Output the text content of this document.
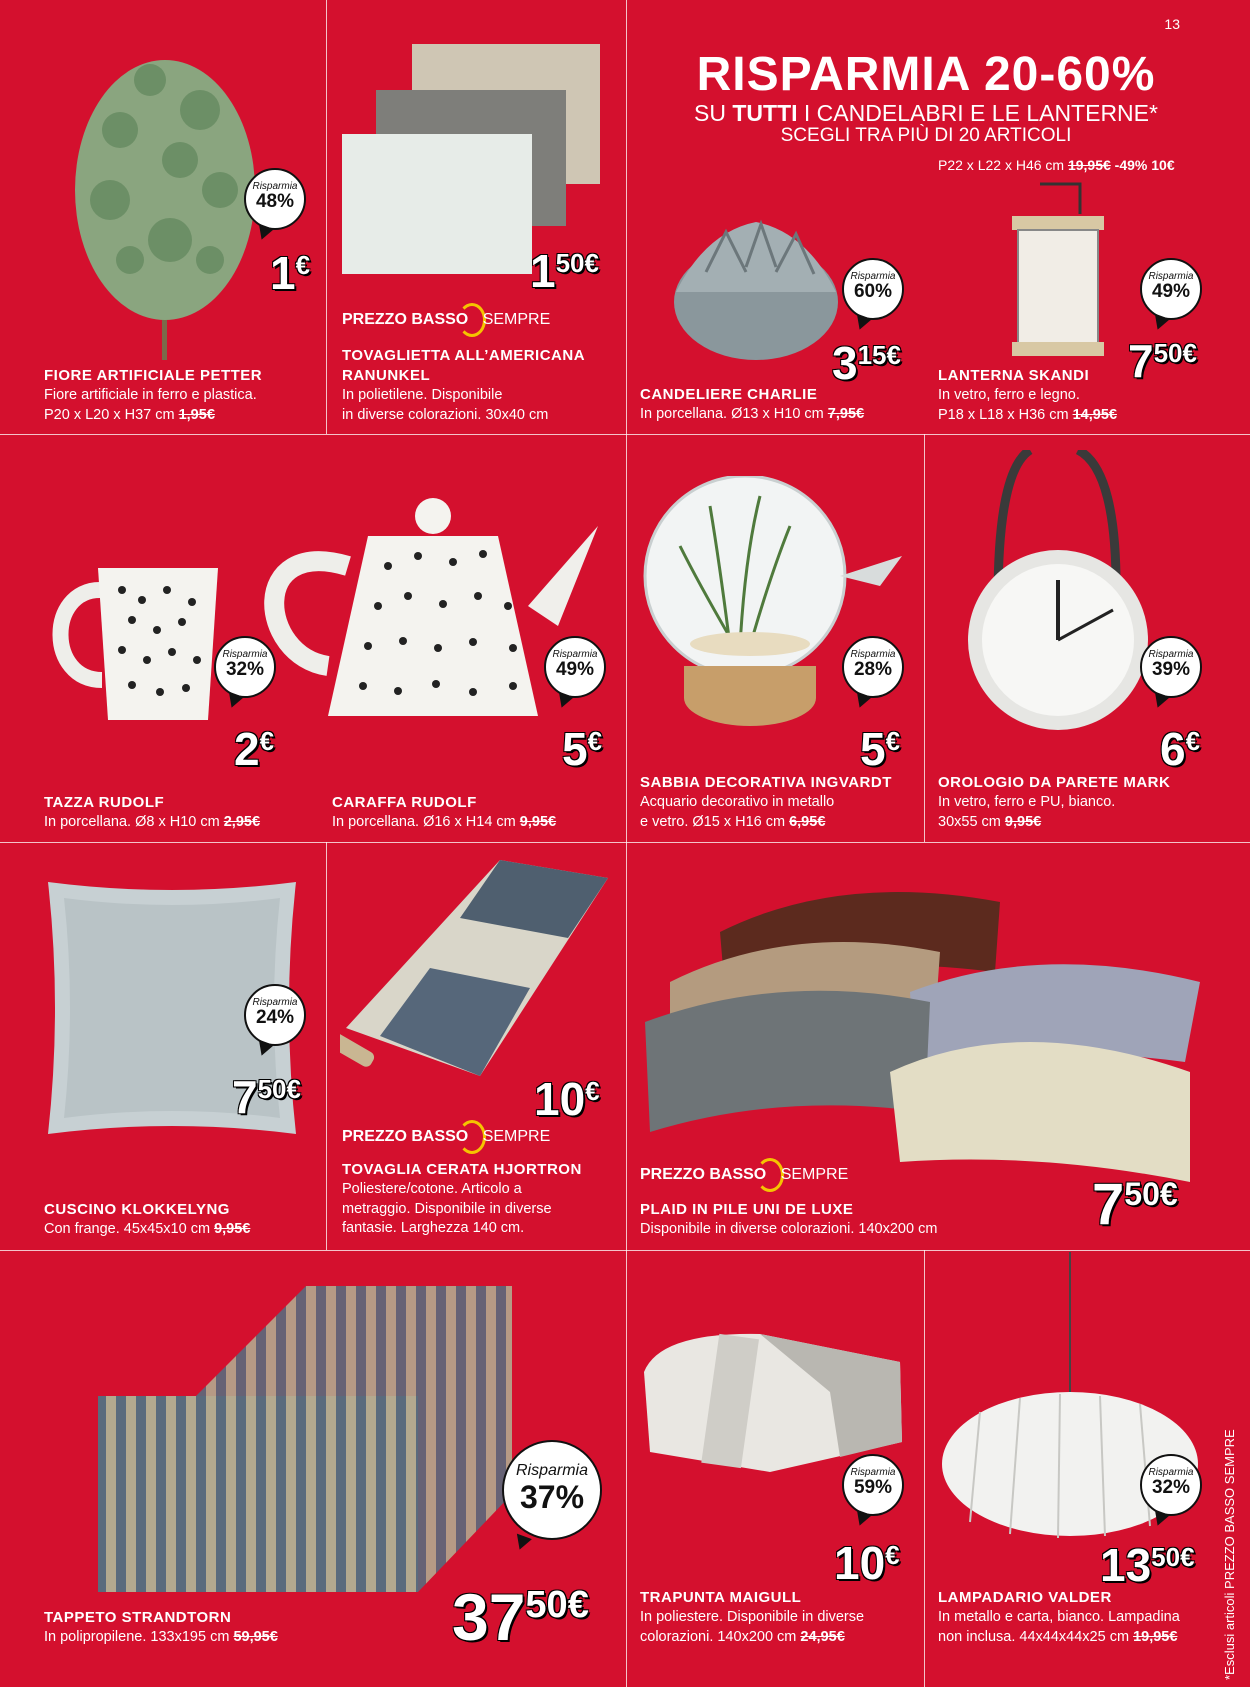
13
RISPARMIA 20-60%
SU TUTTI I CANDELABRI E LE LANTERNE*
SCEGLI TRA PIÙ DI 20 ARTICOLI
P22 x L22 x H46 cm 19,95€ -49% 10€
Risparmia
48%
1€
FIORE ARTIFICIALE PETTER
Fiore artificiale in ferro e plastica.
P20 x L20 x H37 cm 1,95€
150€
PREZZO BASSO SEMPRE
TOVAGLIETTA ALL’AMERICANA
RANUNKEL
In polietilene. Disponibile
in diverse colorazioni. 30x40 cm
Risparmia
60%
315€
CANDELIERE CHARLIE
In porcellana. Ø13 x H10 cm 7,95€
Risparmia
49%
750€
LANTERNA SKANDI
In vetro, ferro e legno.
P18 x L18 x H36 cm 14,95€
Risparmia
32%
2€
TAZZA RUDOLF
In porcellana. Ø8 x H10 cm 2,95€
Risparmia
49%
5€
CARAFFA RUDOLF
In porcellana. Ø16 x H14 cm 9,95€
Risparmia
28%
5€
SABBIA DECORATIVA INGVARDT
Acquario decorativo in metallo
e vetro. Ø15 x H16 cm 6,95€
Risparmia
39%
6€
OROLOGIO DA PARETE MARK
In vetro, ferro e PU, bianco.
30x55 cm 9,95€
Risparmia
24%
750€
CUSCINO KLOKKELYNG
Con frange. 45x45x10 cm 9,95€
10€
PREZZO BASSO SEMPRE
TOVAGLIA CERATA HJORTRON
Poliestere/cotone. Articolo a
metraggio. Disponibile in diverse
fantasie. Larghezza 140 cm.
PREZZO BASSO SEMPRE	750€
PLAID IN PILE UNI DE LUXE
Disponibile in diverse colorazioni. 140x200 cm
Risparmia
37%
3750€
TAPPETO STRANDTORN
In polipropilene. 133x195 cm 59,95€
Risparmia
59%
10€
TRAPUNTA MAIGULL
In poliestere. Disponibile in diverse
colorazioni. 140x200 cm 24,95€
Risparmia
32%
1350€
LAMPADARIO VALDER
In metallo e carta, bianco. Lampadina
non inclusa. 44x44x44x25 cm 19,95€	*Esclusi articoli PREZZO BASSO SEMPRE
